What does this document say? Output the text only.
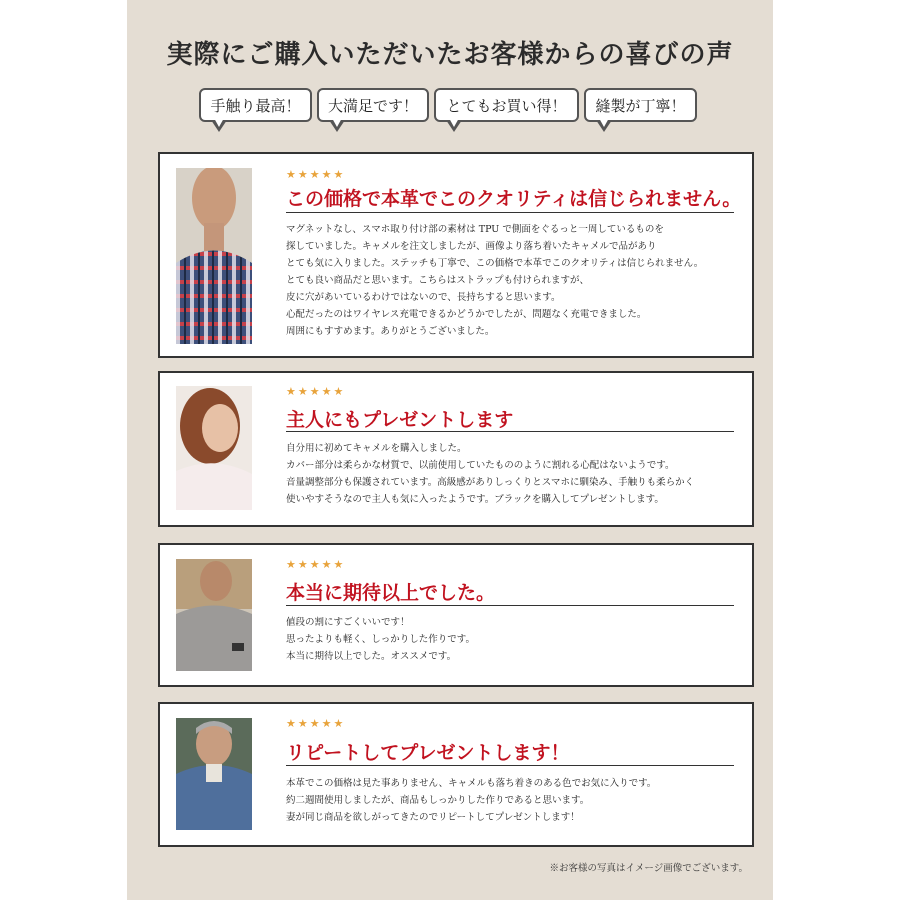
実際にご購入いただいたお客様からの喜びの声
手触り最高！ 大満足です！ とてもお買い得！ 縫製が丁寧！
★★★★★
この価格で本革でこのクオリティは信じられません。
マグネットなし、スマホ取り付け部の素材は TPU で側面をぐるっと一周しているものを
探していました。キャメルを注文しましたが、画像より落ち着いたキャメルで品があり
とても気に入りました。ステッチも丁寧で、この価格で本革でこのクオリティは信じられません。
とても良い商品だと思います。こちらはストラップも付けられますが、
皮に穴があいているわけではないので、長持ちすると思います。
心配だったのはワイヤレス充電できるかどうかでしたが、問題なく充電できました。
周囲にもすすめます。ありがとうございました。
★★★★★
主人にもプレゼントします
自分用に初めてキャメルを購入しました。
カバー部分は柔らかな材質で、以前使用していたもののように割れる心配はないようです。
音量調整部分も保護されています。高級感がありしっくりとスマホに馴染み、手触りも柔らかく
使いやすそうなので主人も気に入ったようです。ブラックを購入してプレゼントします。
★★★★★
本当に期待以上でした。
値段の割にすごくいいです！
思ったよりも軽く、しっかりした作りです。
本当に期待以上でした。オススメです。
★★★★★
リピートしてプレゼントします！
本革でこの価格は見た事ありません、キャメルも落ち着きのある色でお気に入りです。
約二週間使用しましたが、商品もしっかりした作りであると思います。
妻が同じ商品を欲しがってきたのでリピートしてプレゼントします！
※お客様の写真はイメージ画像でございます。
